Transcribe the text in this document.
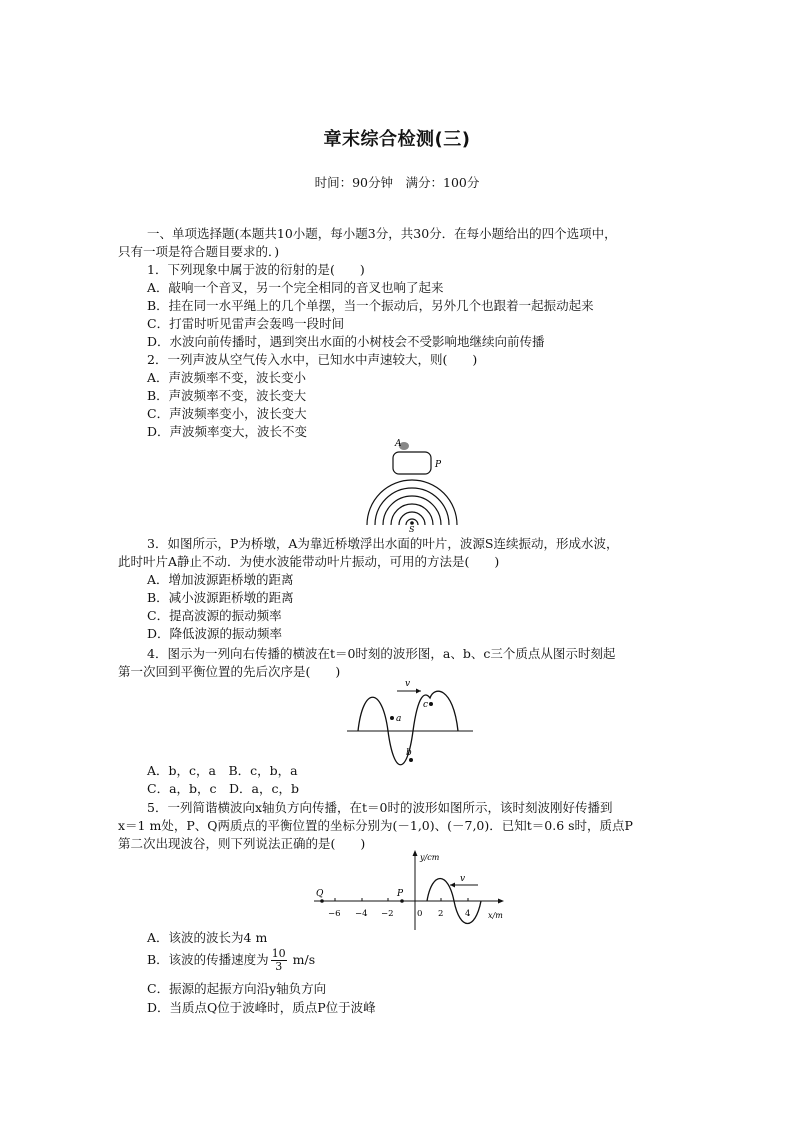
章末综合检测(三)
时间：90分钟　满分：100分
一、单项选择题(本题共10小题，每小题3分，共30分．在每小题给出的四个选项中，
只有一项是符合题目要求的．)
1．下列现象中属于波的衍射的是(　　)
A．敲响一个音叉，另一个完全相同的音叉也响了起来
B．挂在同一水平绳上的几个单摆，当一个振动后，另外几个也跟着一起振动起来
C．打雷时听见雷声会轰鸣一段时间
D．水波向前传播时，遇到突出水面的小树枝会不受影响地继续向前传播
2．一列声波从空气传入水中，已知水中声速较大，则(　　)
A．声波频率不变，波长变小
B．声波频率不变，波长变大
C．声波频率变小，波长变大
D．声波频率变大，波长不变
A
P
S
3．如图所示，P为桥墩，A为靠近桥墩浮出水面的叶片，波源S连续振动，形成水波，
此时叶片A静止不动．为使水波能带动叶片振动，可用的方法是(　　)
A．增加波源距桥墩的距离
B．减小波源距桥墩的距离
C．提高波源的振动频率
D．降低波源的振动频率
4．图示为一列向右传播的横波在t＝0时刻的波形图，a、b、c三个质点从图示时刻起
第一次回到平衡位置的先后次序是(　　)
v
a
b
c
A．b，c，a　B．c，b，a
C．a，b，c　D．a，c，b
5．一列简谐横波向x轴负方向传播，在t＝0时的波形如图所示，该时刻波刚好传播到
x＝1 m处，P、Q两质点的平衡位置的坐标分别为(－1,0)、(－7,0)．已知t＝0.6 s时，质点P
第二次出现波谷，则下列说法正确的是(　　)
y/cm
x/m
v
Q	P
−6 −4 −2	0 2	4
A．该波的波长为4 m
B．该波的传播速度为 $\frac{10}{3} m/s$
C．振源的起振方向沿y轴负方向
D．当质点Q位于波峰时，质点P位于波峰
